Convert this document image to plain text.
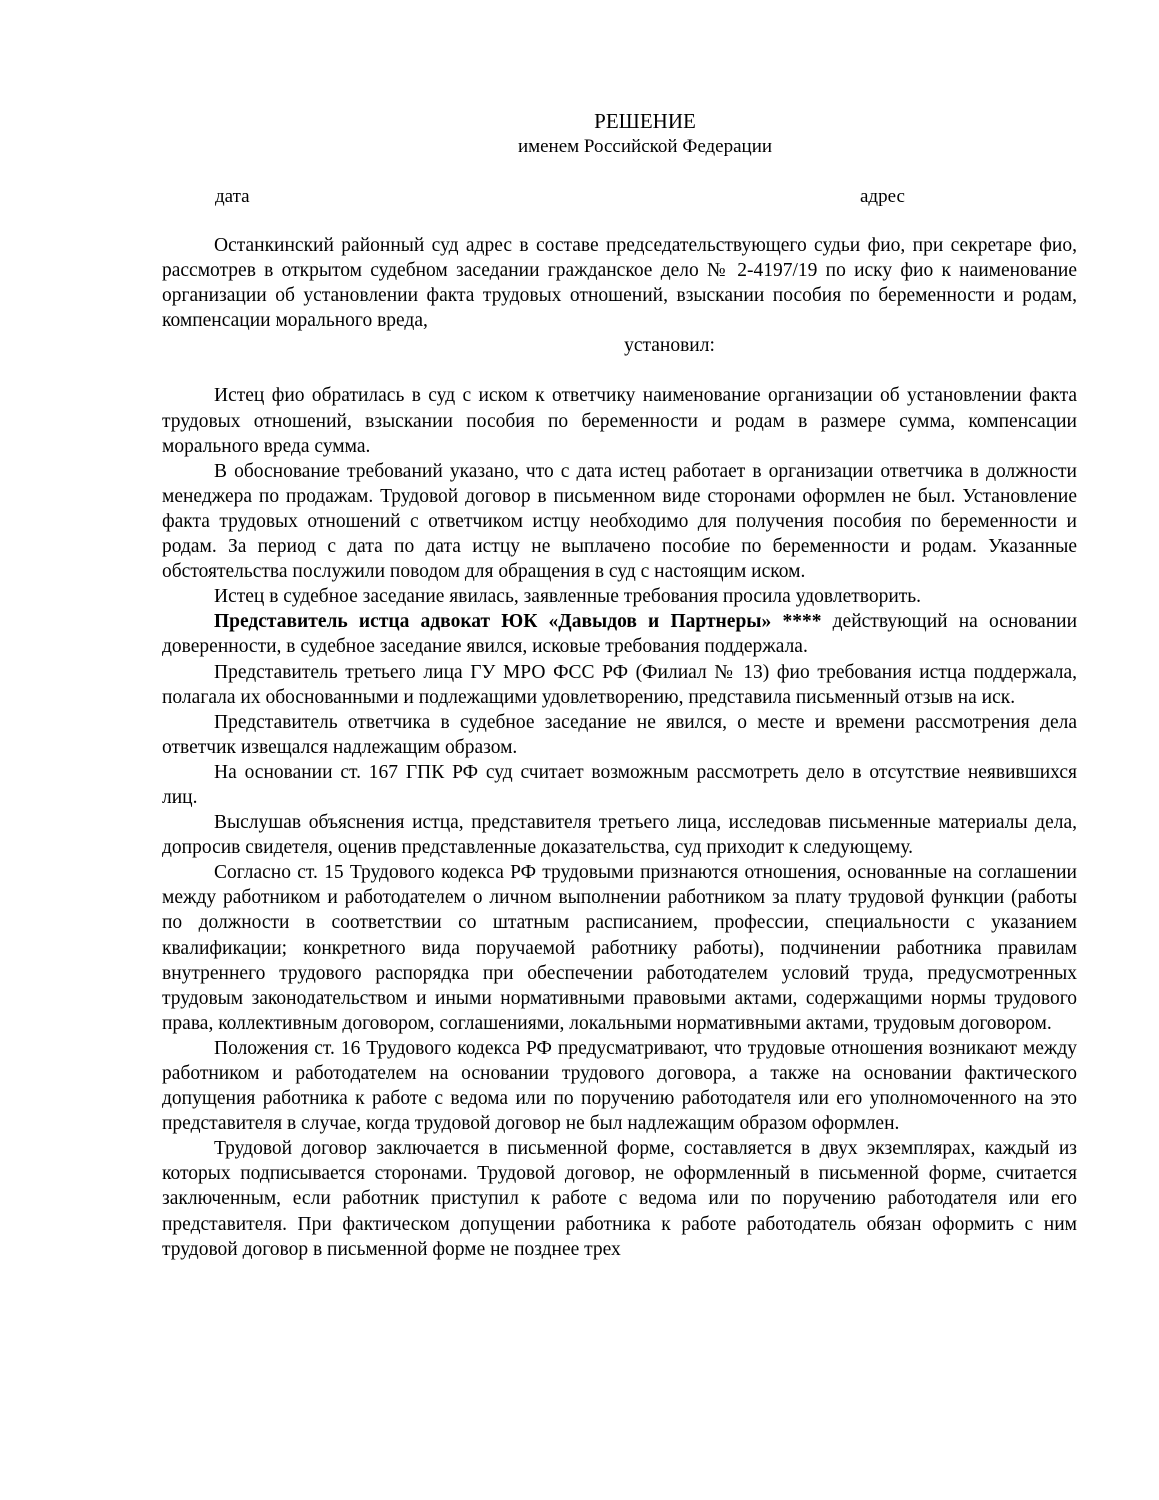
РЕШЕНИЕ
именем Российской Федерации
дата	адрес

Останкинский районный суд адрес в составе председательствующего судьи фио, при секретаре фио, рассмотрев в открытом судебном заседании гражданское дело № 2-4197/19 по иску фио к наименование организации об установлении факта трудовых отношений, взыскании пособия по беременности и родам, компенсации морального вреда,

установил:

Истец фио обратилась в суд с иском к ответчику наименование организации об установлении факта трудовых отношений, взыскании пособия по беременности и родам в размере сумма, компенсации морального вреда сумма.

В обоснование требований указано, что с дата истец работает в организации ответчика в должности менеджера по продажам. Трудовой договор в письменном виде сторонами оформлен не был. Установление факта трудовых отношений с ответчиком истцу необходимо для получения пособия по беременности и родам. За период с дата по дата истцу не выплачено пособие по беременности и родам. Указанные обстоятельства послужили поводом для обращения в суд с настоящим иском.

Истец в судебное заседание явилась, заявленные требования просила удовлетворить.

Представитель истца адвокат ЮК «Давыдов и Партнеры» **** действующий на основании доверенности, в судебное заседание явился, исковые требования поддержала.

Представитель третьего лица ГУ МРО ФСС РФ (Филиал № 13) фио требования истца поддержала, полагала их обоснованными и подлежащими удовлетворению, представила письменный отзыв на иск.

Представитель ответчика в судебное заседание не явился, о месте и времени рассмотрения дела ответчик извещался надлежащим образом.

На основании ст. 167 ГПК РФ суд считает возможным рассмотреть дело в отсутствие неявившихся лиц.

Выслушав объяснения истца, представителя третьего лица, исследовав письменные материалы дела, допросив свидетеля, оценив представленные доказательства, суд приходит к следующему.

Согласно ст. 15 Трудового кодекса РФ трудовыми признаются отношения, основанные на соглашении между работником и работодателем о личном выполнении работником за плату трудовой функции (работы по должности в соответствии со штатным расписанием, профессии, специальности с указанием квалификации; конкретного вида поручаемой работнику работы), подчинении работника правилам внутреннего трудового распорядка при обеспечении работодателем условий труда, предусмотренных трудовым законодательством и иными нормативными правовыми актами, содержащими нормы трудового права, коллективным договором, соглашениями, локальными нормативными актами, трудовым договором.

Положения ст. 16 Трудового кодекса РФ предусматривают, что трудовые отношения возникают между работником и работодателем на основании трудового договора, а также на основании фактического допущения работника к работе с ведома или по поручению работодателя или его уполномоченного на это представителя в случае, когда трудовой договор не был надлежащим образом оформлен.

Трудовой договор заключается в письменной форме, составляется в двух экземплярах, каждый из которых подписывается сторонами. Трудовой договор, не оформленный в письменной форме, считается заключенным, если работник приступил к работе с ведома или по поручению работодателя или его представителя. При фактическом допущении работника к работе работодатель обязан оформить с ним трудовой договор в письменной форме не позднее трех
